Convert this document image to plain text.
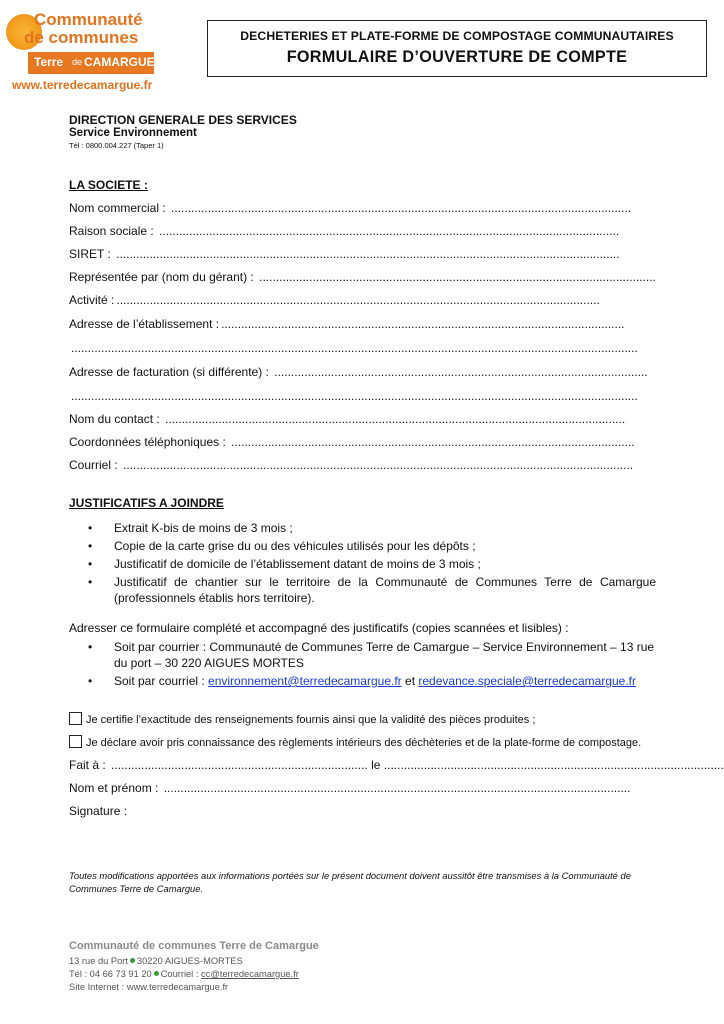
Communauté
de communes
Terre de CAMARGUE
www.terredecamargue.fr
DECHETERIES ET PLATE-FORME DE COMPOSTAGE COMMUNAUTAIRES
FORMULAIRE D’OUVERTURE DE COMPTE
DIRECTION GENERALE DES SERVICES
Service Environnement
Tél : 0800.004.227 (Taper 1)
LA SOCIETE :
Nom commercial : ..........................................................................................................................................
Raison sociale : ..........................................................................................................................................
SIRET : .......................................................................................................................................................
Représentée par (nom du gérant) : .......................................................................................................................
Activité : .................................................................................................................................................
Adresse de l’établissement : .........................................................................................................................
..........................................................................................................................................................................
Adresse de facturation (si différente) : ................................................................................................................
..........................................................................................................................................................................
Nom du contact : ..........................................................................................................................................
Coordonnées téléphoniques : .........................................................................................................................
Courriel : .........................................................................................................................................................
JUSTIFICATIFS A JOINDRE
• Extrait K-bis de moins de 3 mois ;
• Copie de la carte grise du ou des véhicules utilisés pour les dépôts ;
• Justificatif de domicile de l’établissement datant de moins de 3 mois ;
• Justificatif de chantier sur le territoire de la Communauté de Communes Terre de Camargue (professionnels établis hors territoire).
Adresser ce formulaire complété et accompagné des justificatifs (copies scannées et lisibles) :
• Soit par courrier : Communauté de Communes Terre de Camargue – Service Environnement – 13 rue du port – 30 220 AIGUES MORTES
• Soit par courriel : environnement@terredecamargue.fr et redevance.speciale@terredecamargue.fr
Je certifie l’exactitude des renseignements fournis ainsi que la validité des pièces produites ;
Je déclare avoir pris connaissance des règlements intérieurs des déchèteries et de la plate-forme de compostage.
Fait à : ............................................................................. le ......................................................................................................
Nom et prénom : ............................................................................................................................................
Signature :
Toutes modifications apportées aux informations portées sur le présent document doivent aussitôt être transmises à la Communauté de Communes Terre de Camargue.
Communauté de communes Terre de Camargue
13 rue du Port 30220 AIGUES-MORTES
Tél : 04 66 73 91 20 Courriel : cc@terredecamargue.fr
Site Internet : www.terredecamargue.fr
